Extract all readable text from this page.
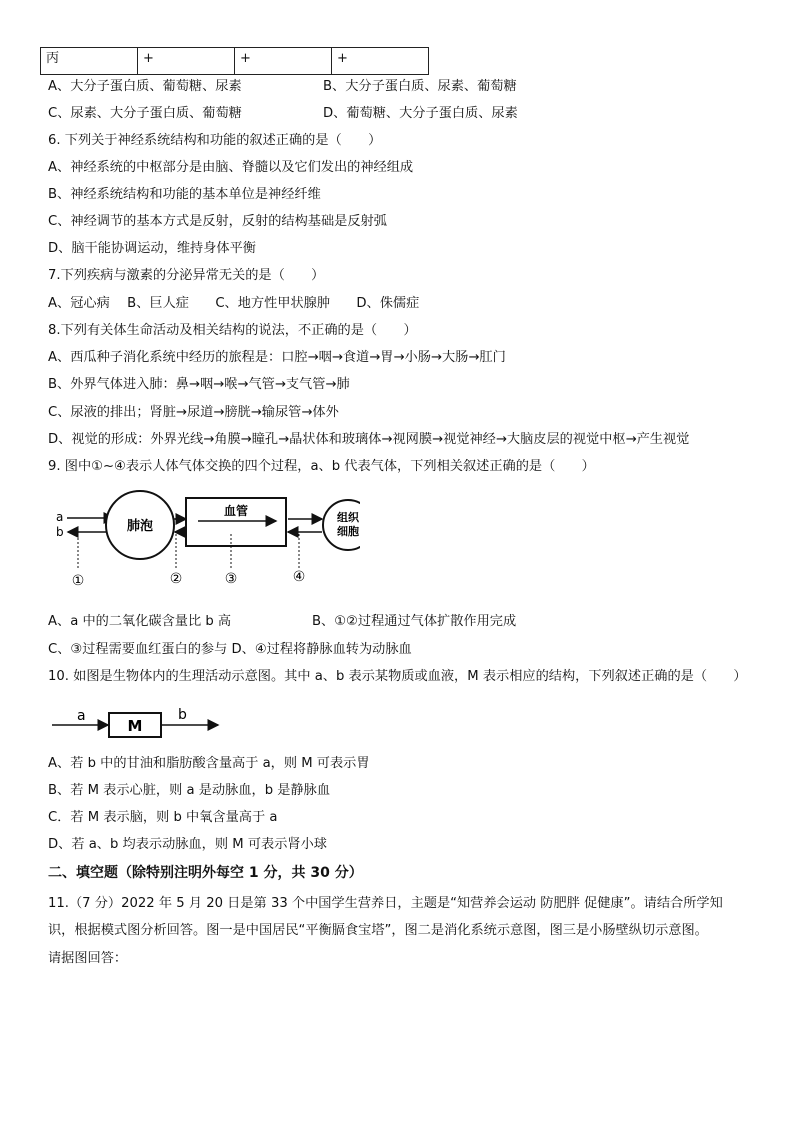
丙	+	+	+
A、大分子蛋白质、葡萄糖、尿素	B、大分子蛋白质、尿素、葡萄糖
C、尿素、大分子蛋白质、葡萄糖	D、葡萄糖、大分子蛋白质、尿素
6. 下列关于神经系统结构和功能的叙述正确的是（　　）
A、神经系统的中枢部分是由脑、脊髓以及它们发出的神经组成
B、神经系统结构和功能的基本单位是神经纤维
C、神经调节的基本方式是反射，反射的结构基础是反射弧
D、脑干能协调运动，维持身体平衡
7.下列疾病与激素的分泌异常无关的是（　　）
A、冠心病　 B、巨人症　　C、地方性甲状腺肿　　D、侏儒症
8.下列有关体生命活动及相关结构的说法，不正确的是（　　）
A、西瓜种子消化系统中经历的旅程是：口腔→咽→食道→胃→小肠→大肠→肛门
B、外界气体进入肺：鼻→咽→喉→气管→支气管→肺
C、尿液的排出；肾脏→尿道→膀胱→输尿管→体外
D、视觉的形成：外界光线→角膜→瞳孔→晶状体和玻璃体→视网膜→视觉神经→大脑皮层的视觉中枢→产生视觉
9. 图中①~④表示人体气体交换的四个过程，a、b 代表气体，下列相关叙述正确的是（　　）
A、a 中的二氧化碳含量比 b 高	B、①②过程通过气体扩散作用完成
C、③过程需要血红蛋白的参与 D、④过程将静脉血转为动脉血
10. 如图是生物体内的生理活动示意图。其中 a、b 表示某物质或血液，M 表示相应的结构，下列叙述正确的是（　　）
A、若 b 中的甘油和脂肪酸含量高于 a，则 M 可表示胃
B、若 M 表示心脏，则 a 是动脉血，b 是静脉血
C．若 M 表示脑，则 b 中氧含量高于 a
D、若 a、b 均表示动脉血，则 M 可表示肾小球
二、填空题（除特别注明外每空 1 分，共 30 分）
11.（7 分）2022 年 5 月 20 日是第 33 个中国学生营养日，主题是“知营养会运动 防肥胖 促健康”。请结合所学知
识，根据模式图分析回答。图一是中国居民“平衡膈食宝塔”，图二是消化系统示意图，图三是小肠壁纵切示意图。
请据图回答：
a
b	肺泡
血管	组织
细胞
①	②	③	④
a
M
b
